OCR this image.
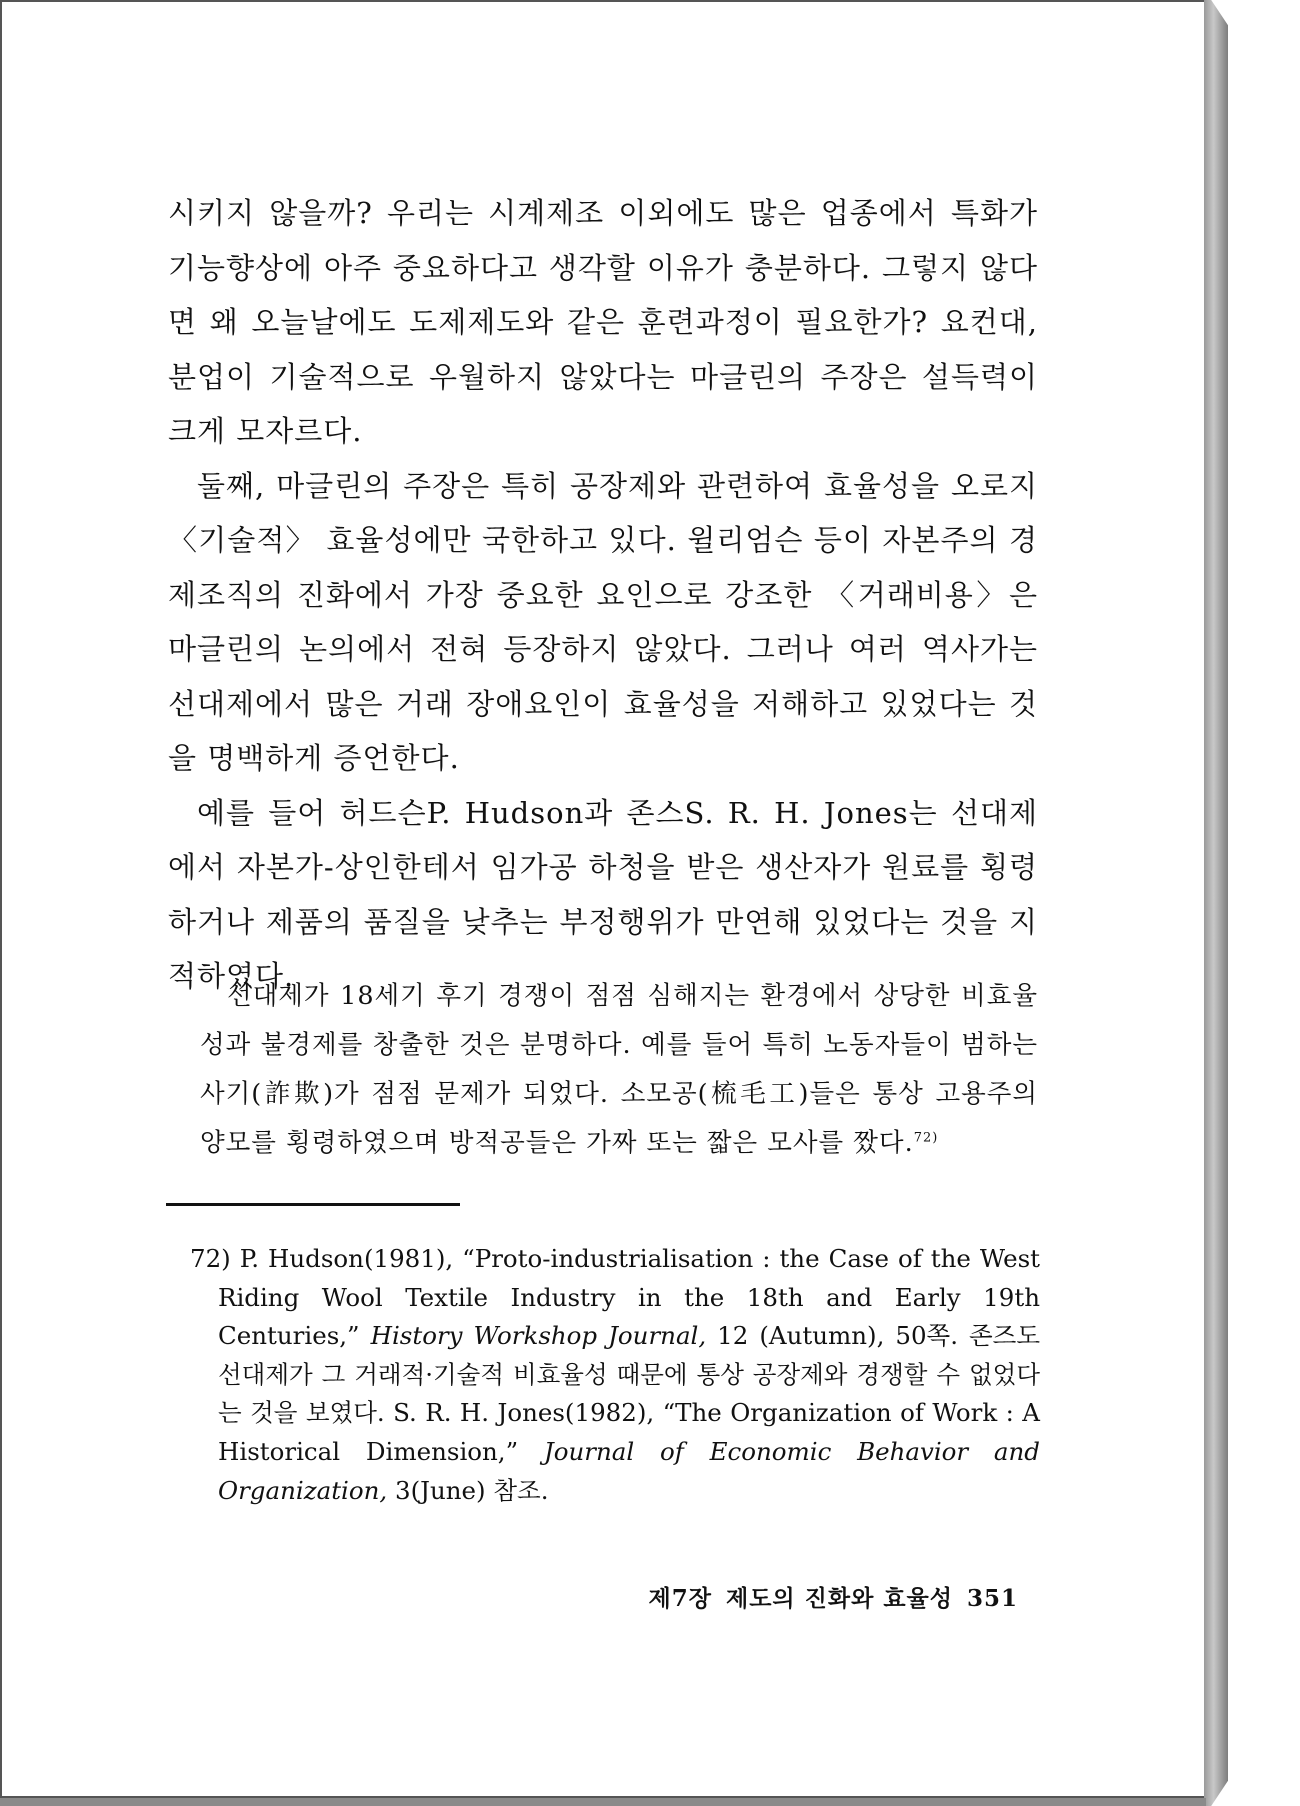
시키지 않을까? 우리는 시계제조 이외에도 많은 업종에서 특화가 기능향상에 아주 중요하다고 생각할 이유가 충분하다. 그렇지 않다면 왜 오늘날에도 도제제도와 같은 훈련과정이 필요한가? 요컨대, 분업이 기술적으로 우월하지 않았다는 마글린의 주장은 설득력이 크게 모자르다.

둘째, 마글린의 주장은 특히 공장제와 관련하여 효율성을 오로지 〈기술적〉 효율성에만 국한하고 있다. 윌리엄슨 등이 자본주의 경제조직의 진화에서 가장 중요한 요인으로 강조한 〈거래비용〉은 마글린의 논의에서 전혀 등장하지 않았다. 그러나 여러 역사가는 선대제에서 많은 거래 장애요인이 효율성을 저해하고 있었다는 것을 명백하게 증언한다.

예를 들어 허드슨P. Hudson과 존스S. R. H. Jones는 선대제에서 자본가-상인한테서 임가공 하청을 받은 생산자가 원료를 횡령하거나 제품의 품질을 낮추는 부정행위가 만연해 있었다는 것을 지적하였다.

선대제가 18세기 후기 경쟁이 점점 심해지는 환경에서 상당한 비효율성과 불경제를 창출한 것은 분명하다. 예를 들어 특히 노동자들이 범하는 사기(詐欺)가 점점 문제가 되었다. 소모공(梳毛工)들은 통상 고용주의 양모를 횡령하였으며 방적공들은 가짜 또는 짧은 모사를 짰다.$^{72)}$

72) P. Hudson(1981), “Proto-industrialisation : the Case of the West Riding Wool Textile Industry in the 18th and Early 19th Centuries,” History Workshop Journal, 12 (Autumn), 50쪽. 존즈도 선대제가 그 거래적·기술적 비효율성 때문에 통상 공장제와 경쟁할 수 없었다는 것을 보였다. S. R. H. Jones(1982), “The Organization of Work : A Historical Dimension,” Journal of Economic Behavior and Organization, 3(June) 참조.

제7장 제도의 진화와 효율성 351
